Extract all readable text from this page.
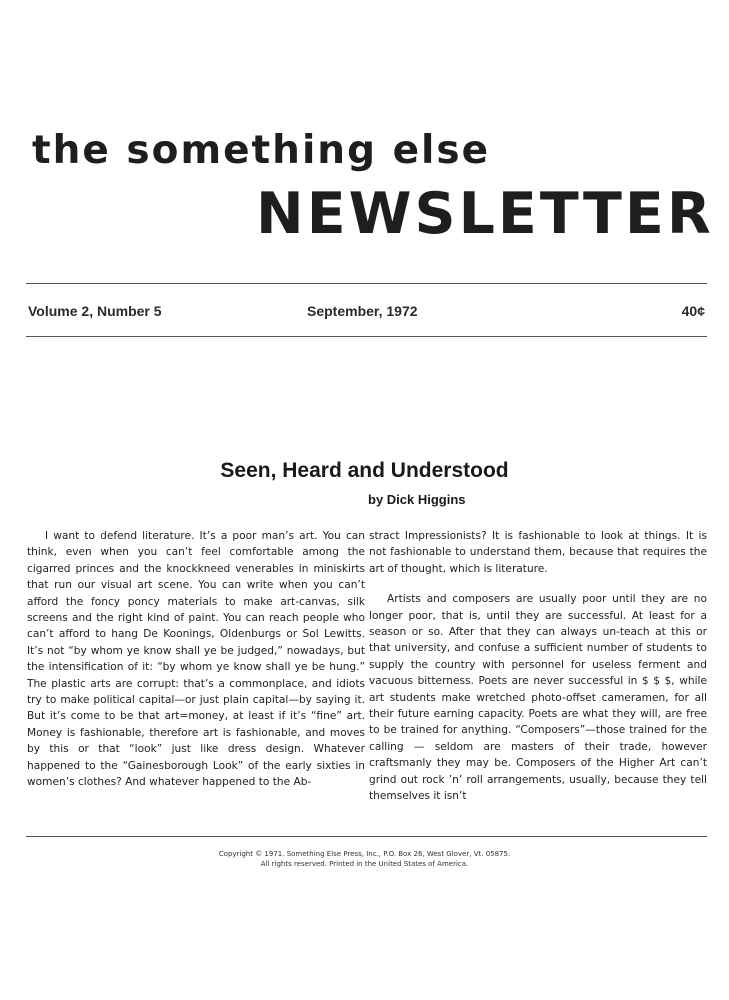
the something else
NEWSLETTER
Volume 2, Number 5	September, 1972	40¢
Seen, Heard and Understood
by Dick Higgins

I want to defend literature. It’s a poor man’s art. You can think, even when you can’t feel comfortable among the cigarred princes and the knockkneed venerables in miniskirts that run our visual art scene. You can write when you can’t afford the foncy poncy materials to make art-canvas, silk screens and the right kind of paint. You can reach people who can’t afford to hang De Koonings, Oldenburgs or Sol Lewitts. It’s not “by whom ye know shall ye be judged,” nowadays, but the intensification of it: “by whom ye know shall ye be hung.” The plastic arts are corrupt: that’s a commonplace, and idiots try to make political capital—or just plain capital—by saying it. But it’s come to be that art=money, at least if it’s “fine” art. Money is fashionable, therefore art is fashionable, and moves by this or that “look” just like dress design. Whatever happened to the “Gainesborough Look” of the early sixties in women’s clothes? And whatever happened to the Ab-

stract Impressionists? It is fashionable to look at things. It is not fashionable to understand them, because that requires the art of thought, which is literature.

Artists and composers are usually poor until they are no longer poor, that is, until they are successful. At least for a season or so. After that they can always un-teach at this or that university, and confuse a sufficient number of students to supply the country with personnel for useless ferment and vacuous bitterness. Poets are never successful in $ $ $, while art students make wretched photo-offset cameramen, for all their future earning capacity. Poets are what they will, are free to be trained for anything. “Composers”—those trained for the calling — seldom are masters of their trade, however craftsmanly they may be. Composers of the Higher Art can’t grind out rock ’n’ roll arrangements, usually, because they tell themselves it isn’t

Copyright © 1971. Something Else Press, Inc., P.O. Box 26, West Glover, Vt. 05875.
All rights reserved. Printed in the United States of America.
